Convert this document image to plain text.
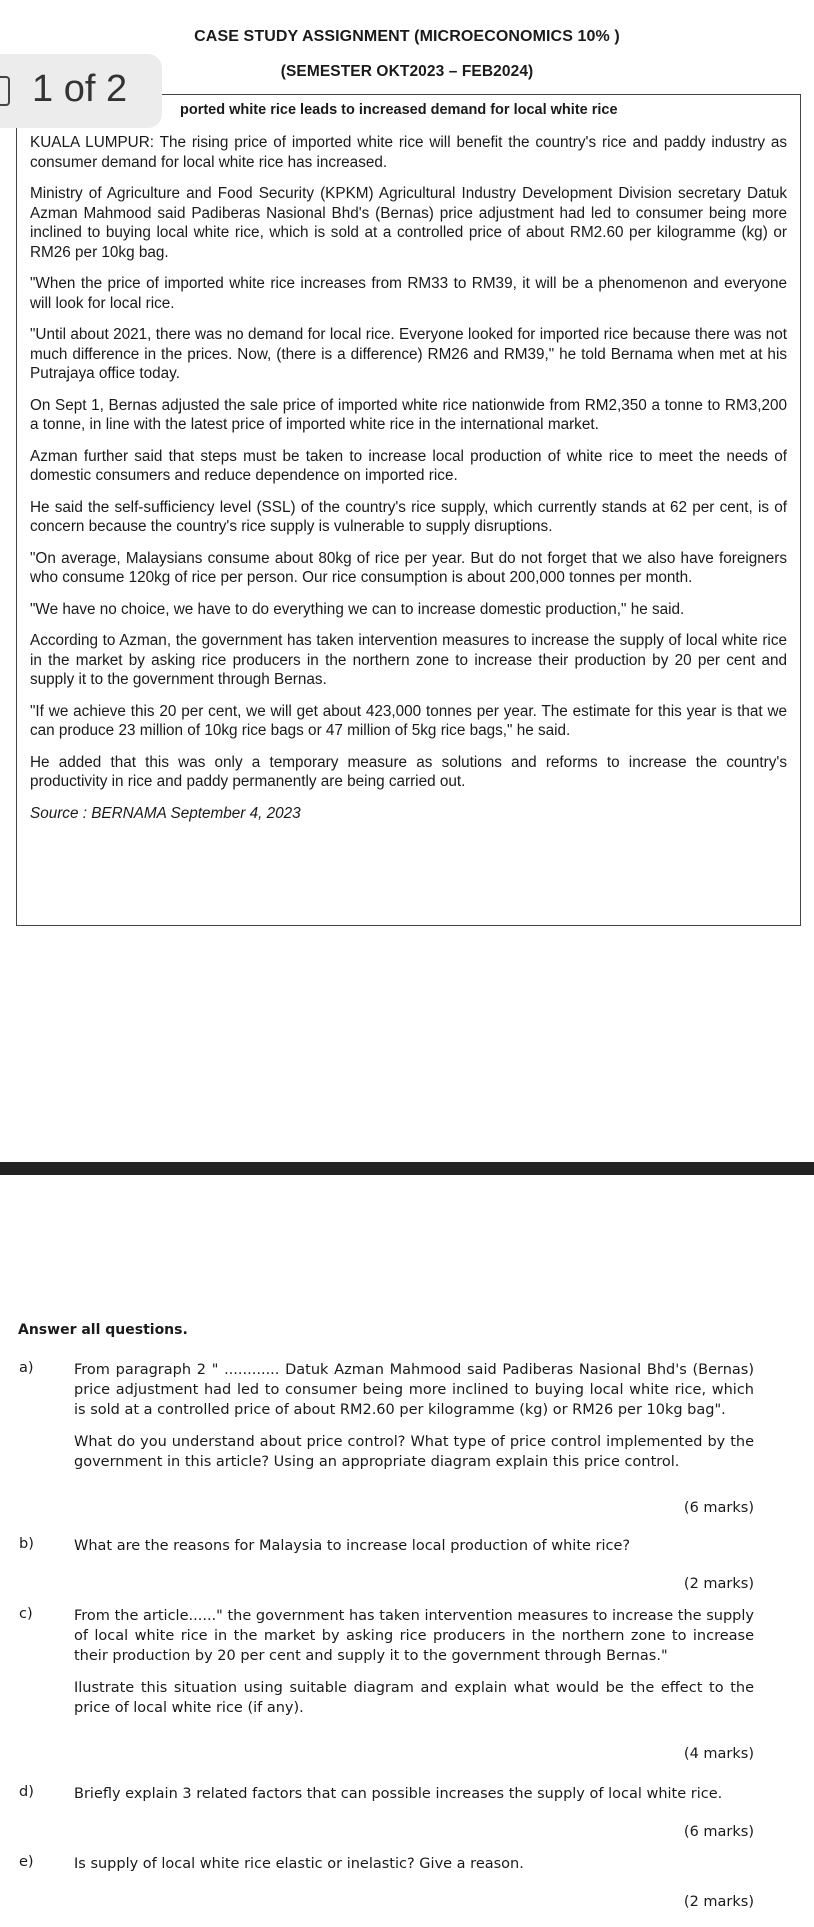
CASE STUDY ASSIGNMENT (MICROECONOMICS 10% )
(SEMESTER OKT2023 – FEB2024)
ported white rice leads to increased demand for local white rice

KUALA LUMPUR: The rising price of imported white rice will benefit the country's rice and paddy industry as consumer demand for local white rice has increased.

Ministry of Agriculture and Food Security (KPKM) Agricultural Industry Development Division secretary Datuk Azman Mahmood said Padiberas Nasional Bhd's (Bernas) price adjustment had led to consumer being more inclined to buying local white rice, which is sold at a controlled price of about RM2.60 per kilogramme (kg) or RM26 per 10kg bag.

"When the price of imported white rice increases from RM33 to RM39, it will be a phenomenon and everyone will look for local rice.

"Until about 2021, there was no demand for local rice. Everyone looked for imported rice because there was not much difference in the prices. Now, (there is a difference) RM26 and RM39," he told Bernama when met at his Putrajaya office today.

On Sept 1, Bernas adjusted the sale price of imported white rice nationwide from RM2,350 a tonne to RM3,200 a tonne, in line with the latest price of imported white rice in the international market.

Azman further said that steps must be taken to increase local production of white rice to meet the needs of domestic consumers and reduce dependence on imported rice.

He said the self-sufficiency level (SSL) of the country's rice supply, which currently stands at 62 per cent, is of concern because the country's rice supply is vulnerable to supply disruptions.

"On average, Malaysians consume about 80kg of rice per year. But do not forget that we also have foreigners who consume 120kg of rice per person. Our rice consumption is about 200,000 tonnes per month.

"We have no choice, we have to do everything we can to increase domestic production," he said.

According to Azman, the government has taken intervention measures to increase the supply of local white rice in the market by asking rice producers in the northern zone to increase their production by 20 per cent and supply it to the government through Bernas.

"If we achieve this 20 per cent, we will get about 423,000 tonnes per year. The estimate for this year is that we can produce 23 million of 10kg rice bags or 47 million of 5kg rice bags," he said.

He added that this was only a temporary measure as solutions and reforms to increase the country's productivity in rice and paddy permanently are being carried out.

Source : BERNAMA September 4, 2023

1 of 2
Answer all questions.
a)	From paragraph 2 " ............ Datuk Azman Mahmood said Padiberas Nasional Bhd's (Bernas) price adjustment had led to consumer being more inclined to buying local white rice, which is sold at a controlled price of about RM2.60 per kilogramme (kg) or RM26 per 10kg bag".

What do you understand about price control? What type of price control implemented by the government in this article? Using an appropriate diagram explain this price control.

(6 marks)
b)	What are the reasons for Malaysia to increase local production of white rice?

(2 marks)
c)	From the article......" the government has taken intervention measures to increase the supply of local white rice in the market by asking rice producers in the northern zone to increase their production by 20 per cent and supply it to the government through Bernas."

Ilustrate this situation using suitable diagram and explain what would be the effect to the price of local white rice (if any).

(4 marks)
d)	Briefly explain 3 related factors that can possible increases the supply of local white rice.

(6 marks)
e)	Is supply of local white rice elastic or inelastic? Give a reason.

(2 marks)
